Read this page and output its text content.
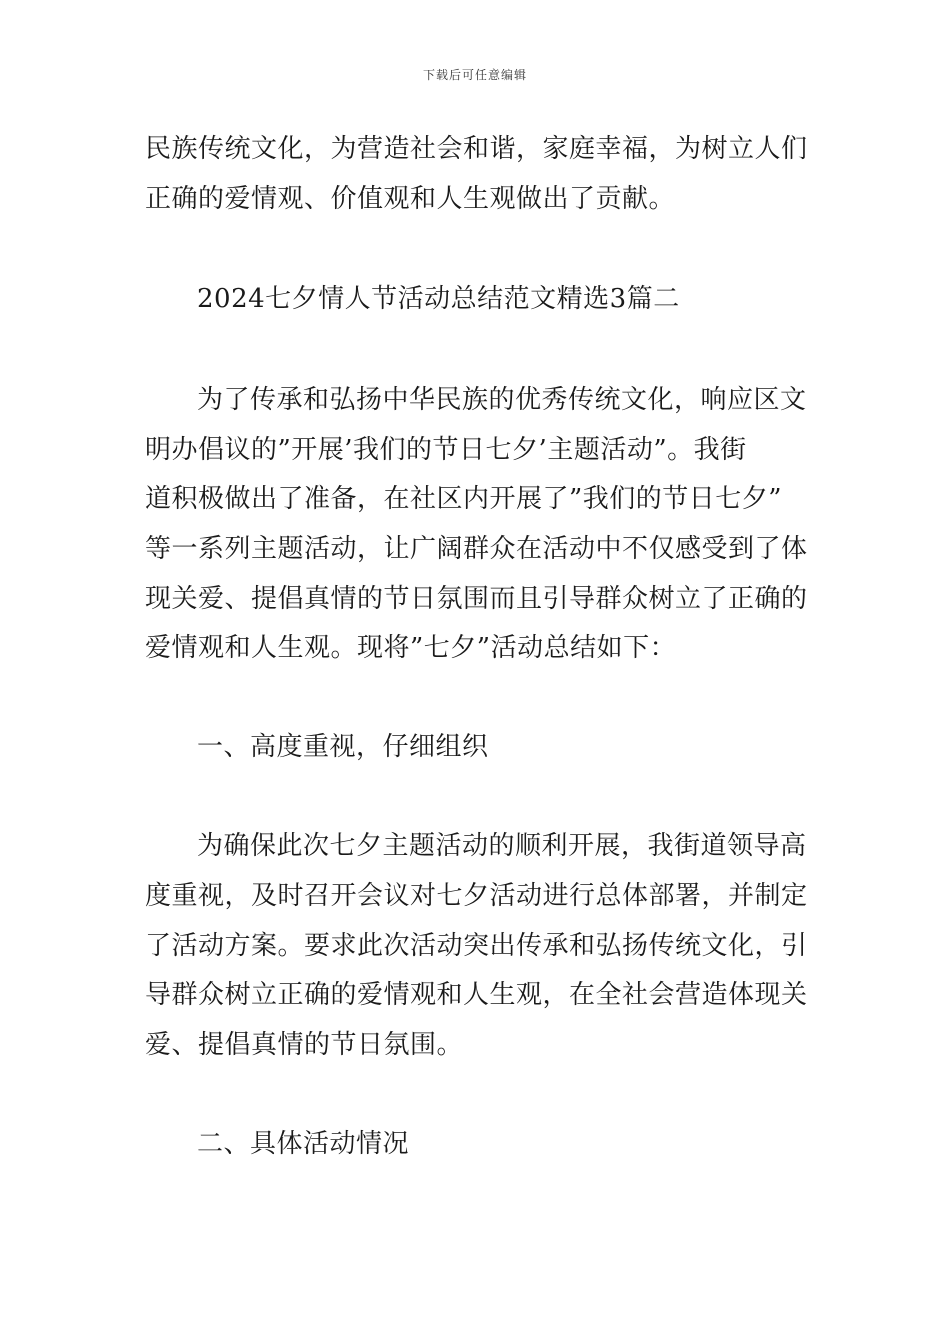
下载后可任意编辑
民族传统文化，为营造社会和谐，家庭幸福，为树立人们
正确的爱情观、价值观和人生观做出了贡献。
2024七夕情人节活动总结范文精选3篇二
为了传承和弘扬中华民族的优秀传统文化，响应区文
明办倡议的”开展’我们的节日七夕’主题活动”。我街
道积极做出了准备，在社区内开展了”我们的节日七夕”
等一系列主题活动，让广阔群众在活动中不仅感受到了体
现关爱、提倡真情的节日氛围而且引导群众树立了正确的
爱情观和人生观。现将”七夕”活动总结如下：
一、高度重视，仔细组织
为确保此次七夕主题活动的顺利开展，我街道领导高
度重视，及时召开会议对七夕活动进行总体部署，并制定
了活动方案。要求此次活动突出传承和弘扬传统文化，引
导群众树立正确的爱情观和人生观，在全社会营造体现关
爱、提倡真情的节日氛围。
二、具体活动情况
